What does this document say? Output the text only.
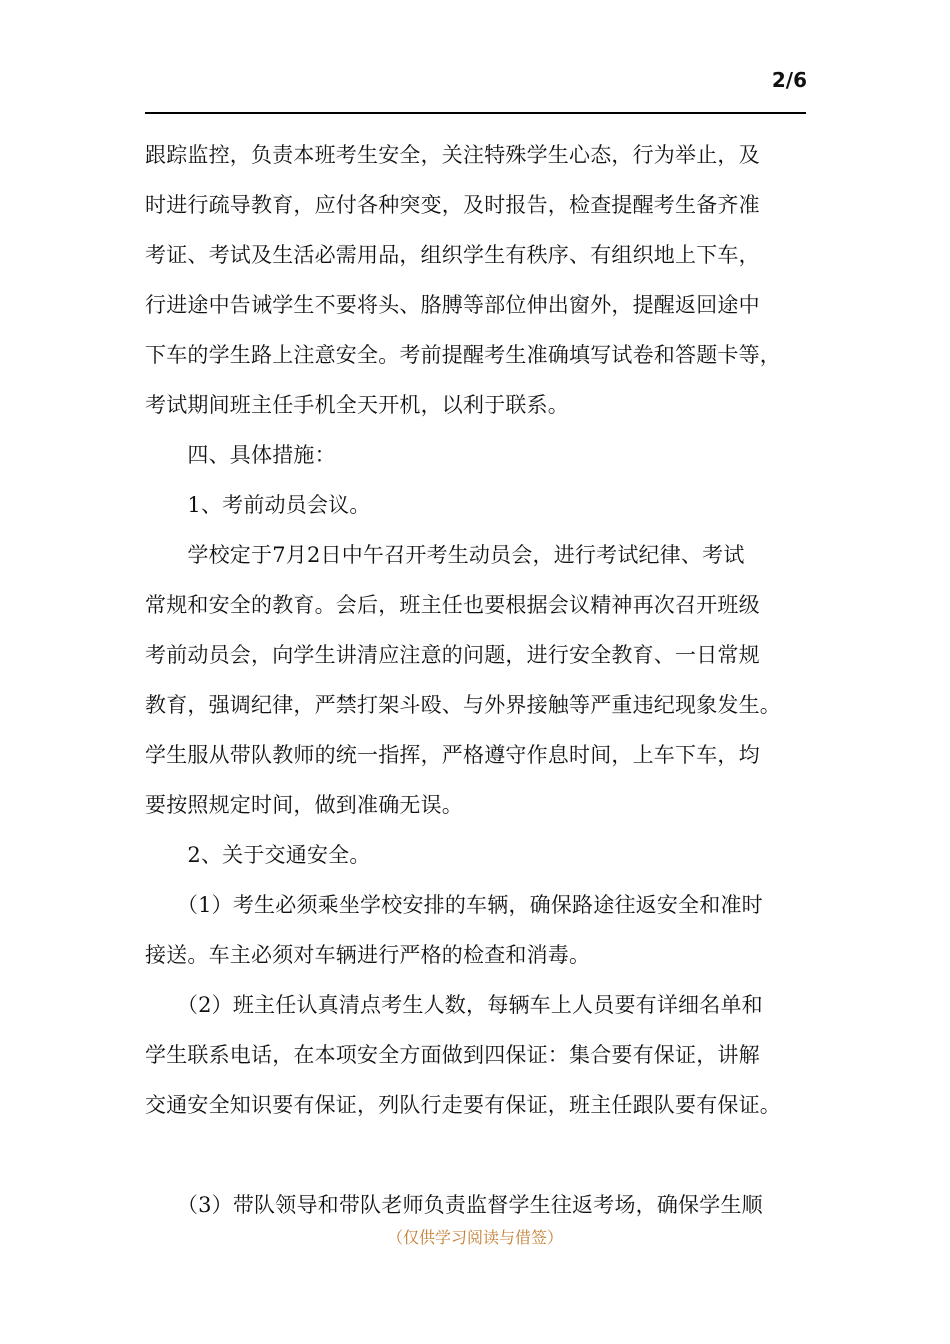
2/6
跟踪监控，负责本班考生安全，关注特殊学生心态，行为举止，及
时进行疏导教育，应付各种突变，及时报告，检查提醒考生备齐准
考证、考试及生活必需用品，组织学生有秩序、有组织地上下车，
行进途中告诫学生不要将头、胳膊等部位伸出窗外，提醒返回途中
下车的学生路上注意安全。考前提醒考生准确填写试卷和答题卡等，
考试期间班主任手机全天开机，以利于联系。
　　四、具体措施：
　　1、考前动员会议。
　　学校定于7月2日中午召开考生动员会，进行考试纪律、考试
常规和安全的教育。会后，班主任也要根据会议精神再次召开班级
考前动员会，向学生讲清应注意的问题，进行安全教育、一日常规
教育，强调纪律，严禁打架斗殴、与外界接触等严重违纪现象发生。
学生服从带队教师的统一指挥，严格遵守作息时间，上车下车，均
要按照规定时间，做到准确无误。
　　2、关于交通安全。
　　（1）考生必须乘坐学校安排的车辆，确保路途往返安全和准时
接送。车主必须对车辆进行严格的检查和消毒。
　　（2）班主任认真清点考生人数，每辆车上人员要有详细名单和
学生联系电话，在本项安全方面做到四保证：集合要有保证，讲解
交通安全知识要有保证，列队行走要有保证，班主任跟队要有保证。
　　（3）带队领导和带队老师负责监督学生往返考场，确保学生顺
（仅供学习阅读与借签）
